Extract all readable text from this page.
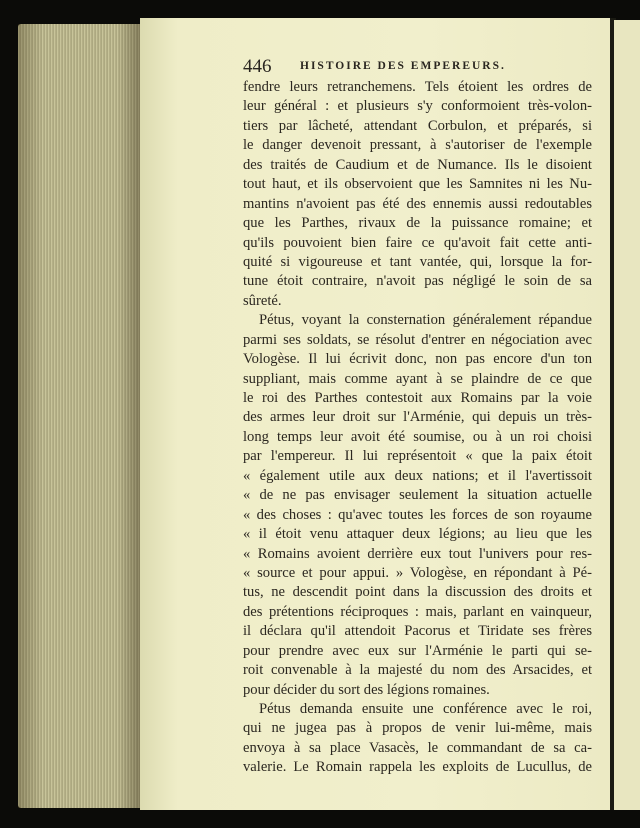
446 HISTOIRE DES EMPEREURS.
fendre leurs retranchemens. Tels étoient les ordres de
leur général : et plusieurs s'y conformoient très-volon-
tiers par lâcheté, attendant Corbulon, et préparés, si
le danger devenoit pressant, à s'autoriser de l'exemple
des traités de Caudium et de Numance. Ils le disoient
tout haut, et ils observoient que les Samnites ni les Nu-
mantins n'avoient pas été des ennemis aussi redoutables
que les Parthes, rivaux de la puissance romaine; et
qu'ils pouvoient bien faire ce qu'avoit fait cette anti-
quité si vigoureuse et tant vantée, qui, lorsque la for-
tune étoit contraire, n'avoit pas négligé le soin de sa
sûreté.
Pétus, voyant la consternation généralement répandue
parmi ses soldats, se résolut d'entrer en négociation avec
Vologèse. Il lui écrivit donc, non pas encore d'un ton
suppliant, mais comme ayant à se plaindre de ce que
le roi des Parthes contestoit aux Romains par la voie
des armes leur droit sur l'Arménie, qui depuis un très-
long temps leur avoit été soumise, ou à un roi choisi
par l'empereur. Il lui représentoit « que la paix étoit
« également utile aux deux nations; et il l'avertissoit
« de ne pas envisager seulement la situation actuelle
« des choses : qu'avec toutes les forces de son royaume
« il étoit venu attaquer deux légions; au lieu que les
« Romains avoient derrière eux tout l'univers pour res-
« source et pour appui. » Vologèse, en répondant à Pé-
tus, ne descendit point dans la discussion des droits et
des prétentions réciproques : mais, parlant en vainqueur,
il déclara qu'il attendoit Pacorus et Tiridate ses frères
pour prendre avec eux sur l'Arménie le parti qui se-
roit convenable à la majesté du nom des Arsacides, et
pour décider du sort des légions romaines.
Pétus demanda ensuite une conférence avec le roi,
qui ne jugea pas à propos de venir lui-même, mais
envoya à sa place Vasacès, le commandant de sa ca-
valerie. Le Romain rappela les exploits de Lucullus, de
